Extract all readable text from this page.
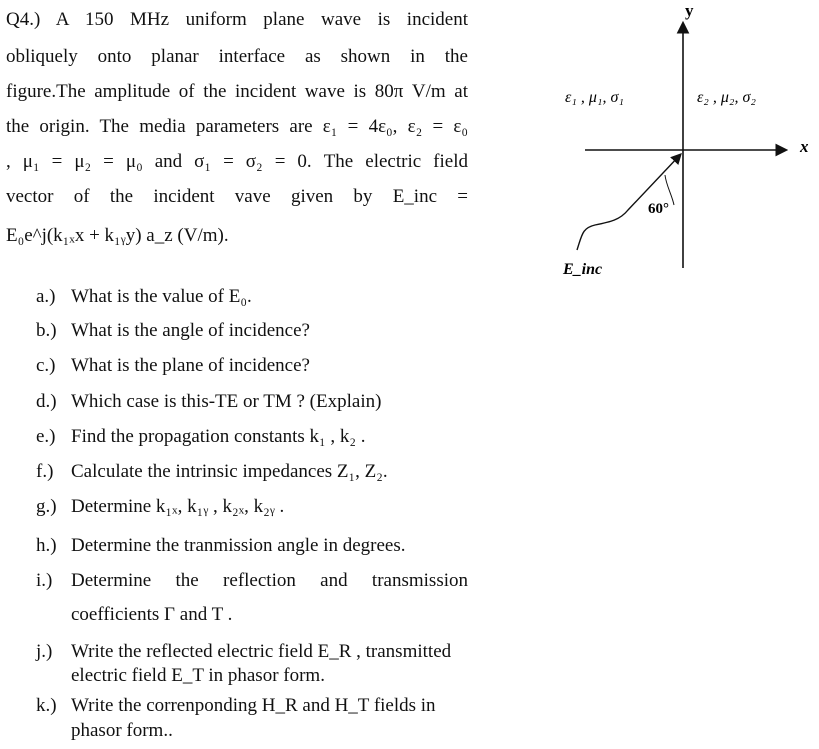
Q4.) A 150 MHz uniform plane wave is incident
obliquely onto planar interface as shown in the
figure.The amplitude of the incident wave is 80π V/m at
the origin. The media parameters are ε₁ = 4ε₀, ε₂ = ε₀
, μ₁ = μ₂ = μ₀ and σ₁ = σ₂ = 0. The electric field
vector of the incident vave given by E_inc =
E₀e^j(k₁ₓx + k₁ᵧy) a_z (V/m).
a.) What is the value of E₀.
b.) What is the angle of incidence?
c.) What is the plane of incidence?
d.) Which case is this-TE or TM ? (Explain)
e.) Find the propagation constants k₁ , k₂ .
f.) Calculate the intrinsic impedances Z₁, Z₂.
g.) Determine k₁ₓ, k₁ᵧ , k₂ₓ, k₂ᵧ .
h.) Determine the tranmission angle in degrees.
i.) Determine the reflection and transmission
coefficients Γ and T .
j.) Write the reflected electric field E_R , transmitted
electric field E_T in phasor form.
k.) Write the correnponding H_R and H_T fields in
phasor form..
y
x
ε₁ , μ₁, σ₁	ε₂ , μ₂, σ₂
60°
E_inc
